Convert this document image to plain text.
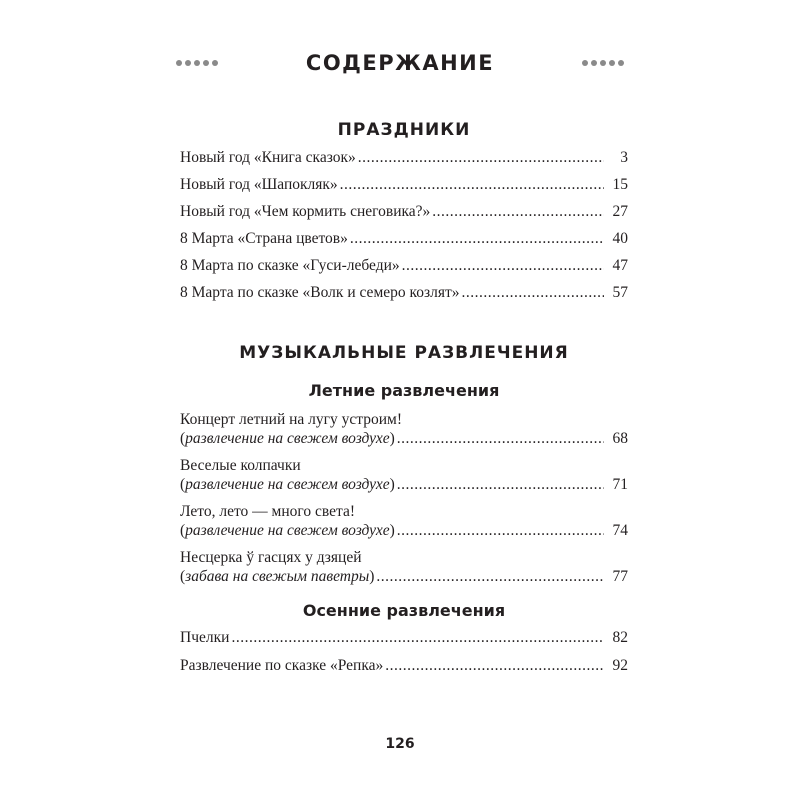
СОДЕРЖАНИЕ
ПРАЗДНИКИ
Новый год «Книга сказок» .....	3
Новый год «Шапокляк» .....	15
Новый год «Чем кормить снеговика?» .....	27
8 Марта «Страна цветов» .....	40
8 Марта по сказке «Гуси-лебеди» .....	47
8 Марта по сказке «Волк и семеро козлят» .....	57
МУЗЫКАЛЬНЫЕ РАЗВЛЕЧЕНИЯ
Летние развлечения
Концерт летний на лугу устроим!
(развлечение на свежем воздухе) .....	68
Веселые колпачки
(развлечение на свежем воздухе) .....	71
Лето, лето — много света!
(развлечение на свежем воздухе) .....	74
Несцерка ў гасцях у дзяцей
(забава на свежым паветры) .....	77
Осенние развлечения
Пчелки .....	82
Развлечение по сказке «Репка» .....	92
126
